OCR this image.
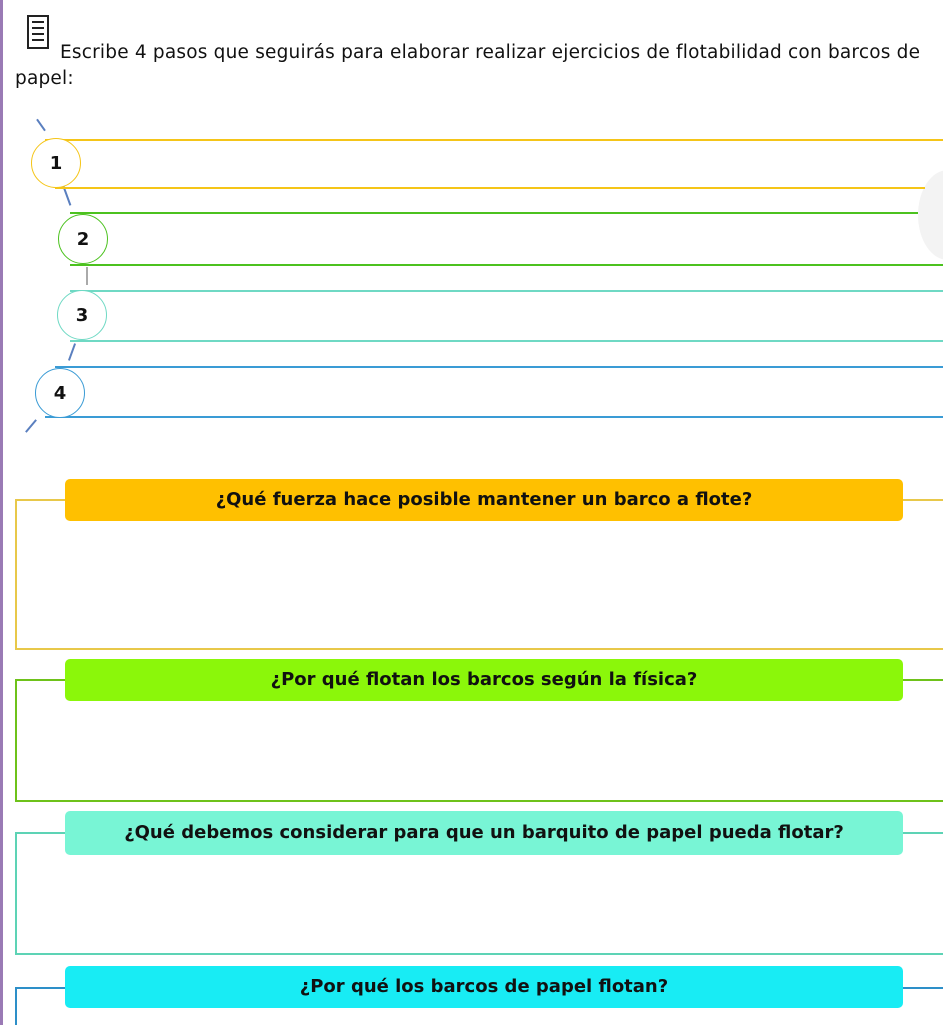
Escribe 4 pasos que seguirás para elaborar realizar ejercicios de flotabilidad con barcos de papel:
1
2
3
4
¿Qué fuerza hace posible mantener un barco a flote?
¿Por qué flotan los barcos según la física?
¿Qué debemos considerar para que un barquito de papel pueda flotar?
¿Por qué los barcos de papel flotan?
